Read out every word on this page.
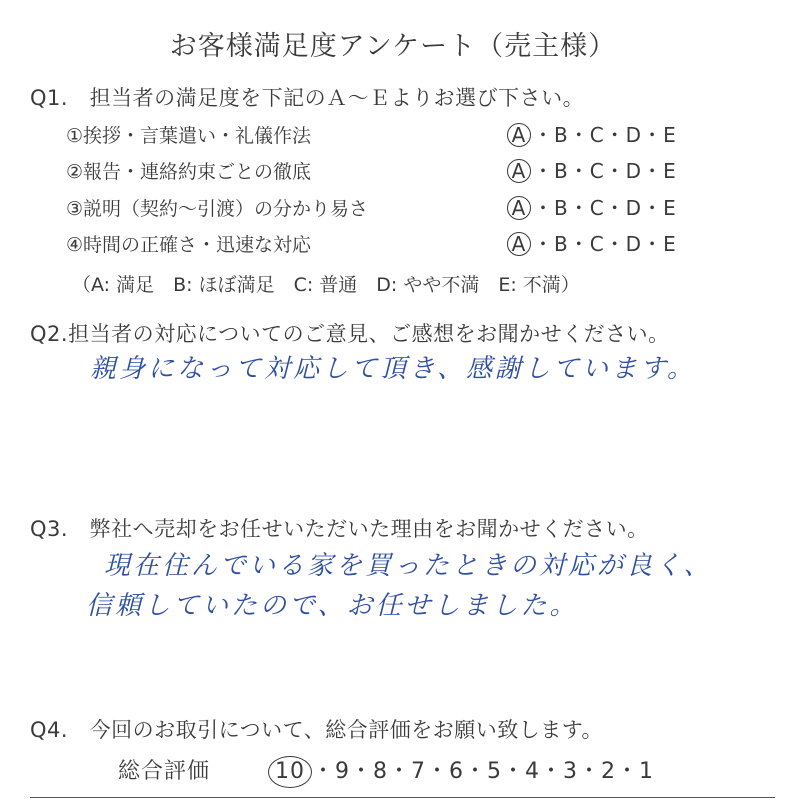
お客様満足度アンケート（売主様）
Q1.　担当者の満足度を下記のＡ～Ｅよりお選び下さい。
①挨拶・言葉遣い・礼儀作法	A ・B・C・D・E
②報告・連絡約束ごとの徹底	A ・B・C・D・E
③説明（契約～引渡）の分かり易さ	A ・B・C・D・E
④時間の正確さ・迅速な対応	A ・B・C・D・E
（A: 満足　B: ほぼ満足　C: 普通　D: やや不満　E: 不満）
Q2.担当者の対応についてのご意見、ご感想をお聞かせください。
親身になって対応して頂き、感謝しています。
Q3.　弊社へ売却をお任せいただいた理由をお聞かせください。
現在住んでいる家を買ったときの対応が良く、
信頼していたので、お任せしました。
Q4.　今回のお取引について、総合評価をお願い致します。
総合評価	10 ・9・8・7・6・5・4・3・2・1
